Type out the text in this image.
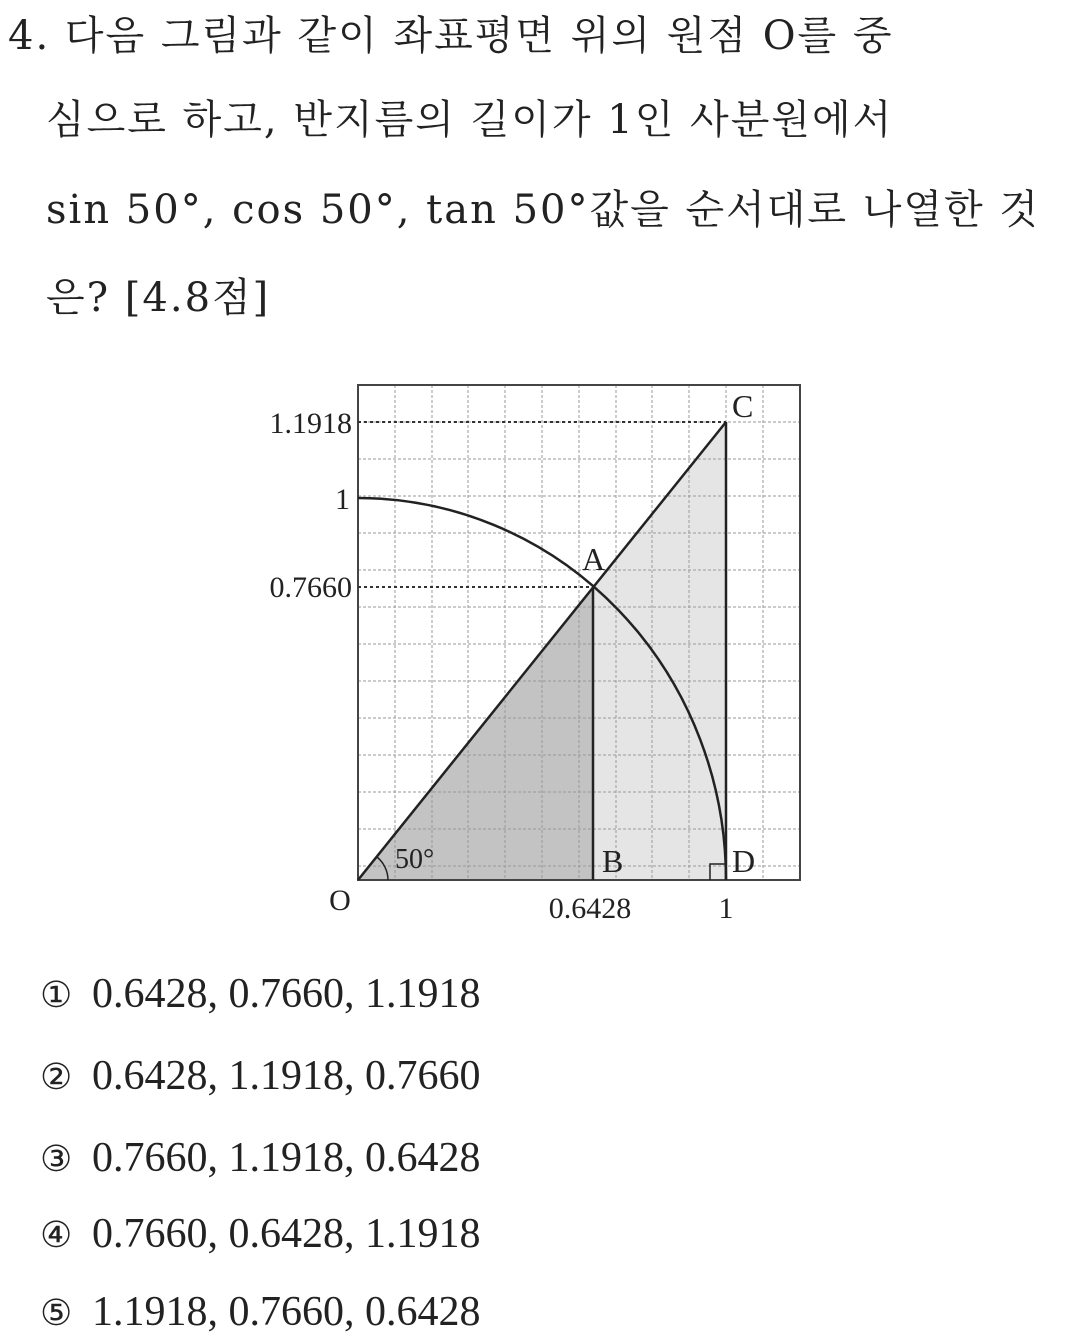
4. 다음 그림과 같이 좌표평면 위의 원점 O를 중
심으로 하고, 반지름의 길이가 1인 사분원에서
sin 50°, cos 50°, tan 50°값을 순서대로 나열한 것
은? [4.8점]
1.1918
1
0.7660
O	0.6428	1
50°
A
B
C
D
① 0.6428, 0.7660, 1.1918
② 0.6428, 1.1918, 0.7660
③ 0.7660, 1.1918, 0.6428
④ 0.7660, 0.6428, 1.1918
⑤ 1.1918, 0.7660, 0.6428
